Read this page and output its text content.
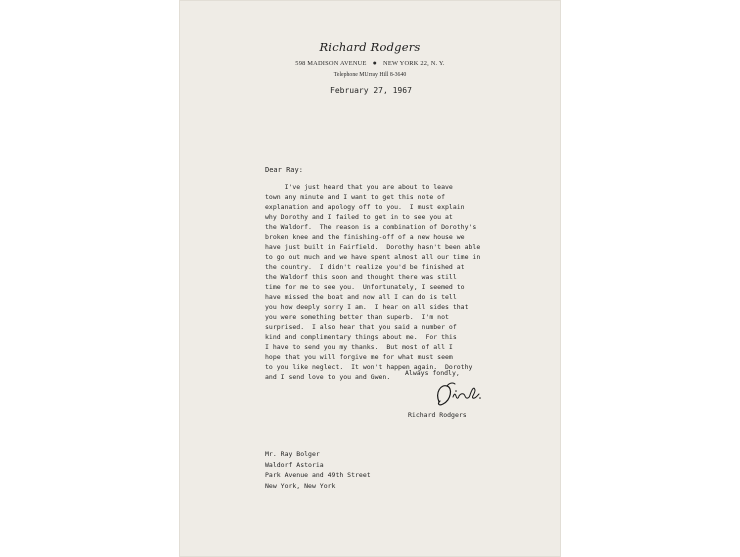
Richard Rodgers
598 MADISON AVENUE ● NEW YORK 22, N. Y.
Telephone MUrray Hill 8-3640
February 27, 1967
Dear Ray:
I've just heard that you are about to leave
town any minute and I want to get this note of
explanation and apology off to you.  I must explain
why Dorothy and I failed to get in to see you at
the Waldorf.  The reason is a combination of Dorothy's
broken knee and the finishing-off of a new house we
have just built in Fairfield.  Dorothy hasn't been able
to go out much and we have spent almost all our time in
the country.  I didn't realize you'd be finished at
the Waldorf this soon and thought there was still
time for me to see you.  Unfortunately, I seemed to
have missed the boat and now all I can do is tell
you how deeply sorry I am.  I hear on all sides that
you were something better than superb.  I'm not
surprised.  I also hear that you said a number of
kind and complimentary things about me.  For this
I have to send you my thanks.  But most of all I
hope that you will forgive me for what must seem
to you like neglect.  It won't happen again.  Dorothy
and I send love to you and Gwen.	Always fondly,
Richard Rodgers
Mr. Ray Bolger
Waldorf Astoria
Park Avenue and 49th Street
New York, New York
